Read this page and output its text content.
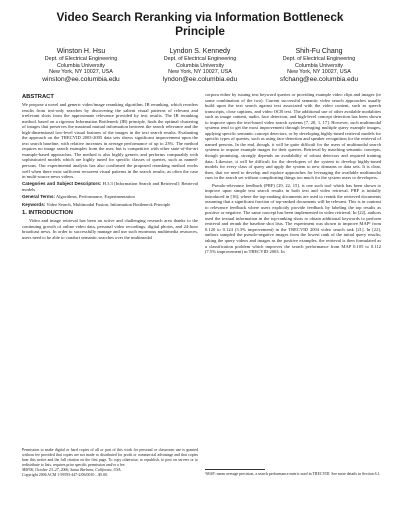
Video Search Reranking via Information Bottleneck Principle
Winston H. Hsu
Dept. of Electrical Engineering
Columbia University
New York, NY 10027, USA
winston@ee.columbia.edu
Lyndon S. Kennedy
Dept. of Electrical Engineering
Columbia University
New York, NY 10027, USA
lyndon@ee.columbia.edu
Shih-Fu Chang
Dept. of Electrical Engineering
Columbia University
New York, NY 10027, USA
sfchang@ee.columbia.edu
ABSTRACT

We propose a novel and generic video/image reranking algorithm, IB reranking, which reorders results from text-only searches by discovering the salient visual patterns of relevant and irrelevant shots from the approximate relevance provided by text results. The IB reranking method, based on a rigorous Information Bottleneck (IB) principle, finds the optimal clustering of images that preserves the maximal mutual information between the search relevance and the high-dimensional low-level visual features of the images in the text search results. Evaluating the approach on the TRECVID 2003-2005 data sets shows significant improvement upon the text search baseline, with relative increases in average performance of up to 23%. The method requires no image search examples from the user, but is competitive with other state-of-the-art example-based approaches. The method is also highly generic and performs comparably with sophisticated models which are highly tuned for specific classes of queries, such as named-persons. Our experimental analysis has also confirmed the proposed reranking method works well when there exist sufficient recurrent visual patterns in the search results, as often the case in multi-source news videos.

Categories and Subject Descriptors: H.3.3 [Information Search and Retrieval]: Retrieval models

General Terms: Algorithms, Performance, Experimentation

Keywords: Video Search, Multimodal Fusion, Information Bottleneck Principle

1. INTRODUCTION

Video and image retrieval has been an active and challenging research area thanks to the continuing growth of online video data, personal video recordings, digital photos, and 24-hour broadcast news. In order to successfully manage and use such enormous multimedia resources, users need to be able to conduct semantic searches over the multimodal

Permission to make digital or hard copies of all or part of this work for personal or classroom use is granted without fee provided that copies are not made or distributed for profit or commercial advantage and that copies bear this notice and the full citation on the first page. To copy otherwise, to republish, to post on servers or to redistribute to lists, requires prior specific permission and/or a fee.
MM'06, October 23–27, 2006, Santa Barbara, California, USA.
Copyright 2006 ACM 1-59593-447-2/06/0010 ...$5.00.

corpora either by issuing text keyword queries or providing example video clips and images (or some combination of the two). Current successful semantic video search approaches usually build upon the text search against text associated with the video content, such as speech transcripts, close captions, and video OCR text. The additional use of other available modalities such as image content, audio, face detection, and high-level concept detection has been shown to improve upon the text-based video search systems [7, 20, 1, 17]. However, such multimodal systems tend to get the most improvement through leveraging multiple query example images, applying specific semantic concept detectors, or by developing highly-tuned retrieval models for specific types of queries, such as using face detection and speaker recognition for the retrieval of named persons. In the end, though, it will be quite difficult for the users of multimodal search systems to acquire example images for their queries. Retrieval by matching semantic concepts, though promising, strongly depends on availability of robust detectors and required training data. Likewise, it will be difficult for the developers of the system to develop highly-tuned models for every class of query and apply the system to new domains or data sets. It is clear, then, that we need to develop and explore approaches for leveraging the available multimodal cues in the search set without complicating things too much for the system users or developers.

Pseudo-relevance feedback (PRF) [29, 22, 15], is one such tool which has been shown to improve upon simple text search results in both text and video retrieval. PRF is initially introduced in [16], where the top-ranking documents are used to rerank the retrieved documents assuming that a significant fraction of top-ranked documents will be relevant. This is in contrast to relevance feedback where users explicitly provide feedback by labeling the top results as positive or negative. The same concept has been implemented in video retrieval. In [22], authors used the textual information in the top-ranking shots to obtain additional keywords to perform retrieval and rerank the baseline shot lists. The experiment was shown to improve MAP¹ from 0.120 to 0.124 (3.3% improvement) in the TRECVID 2004 video search task [21]. In [22], authors sampled the pseudo-negative images from the lowest rank of the initial query results; taking the query videos and images as the positive examples, the retrieval is then formulated as a classification problem which improves the search performance from MAP 0.105 to 0.112 (7.5% improvement) in TRECVID 2003. In

¹MAP: mean average precision, a search performance metric used in TRECVID. See more details in Section 6.1.
